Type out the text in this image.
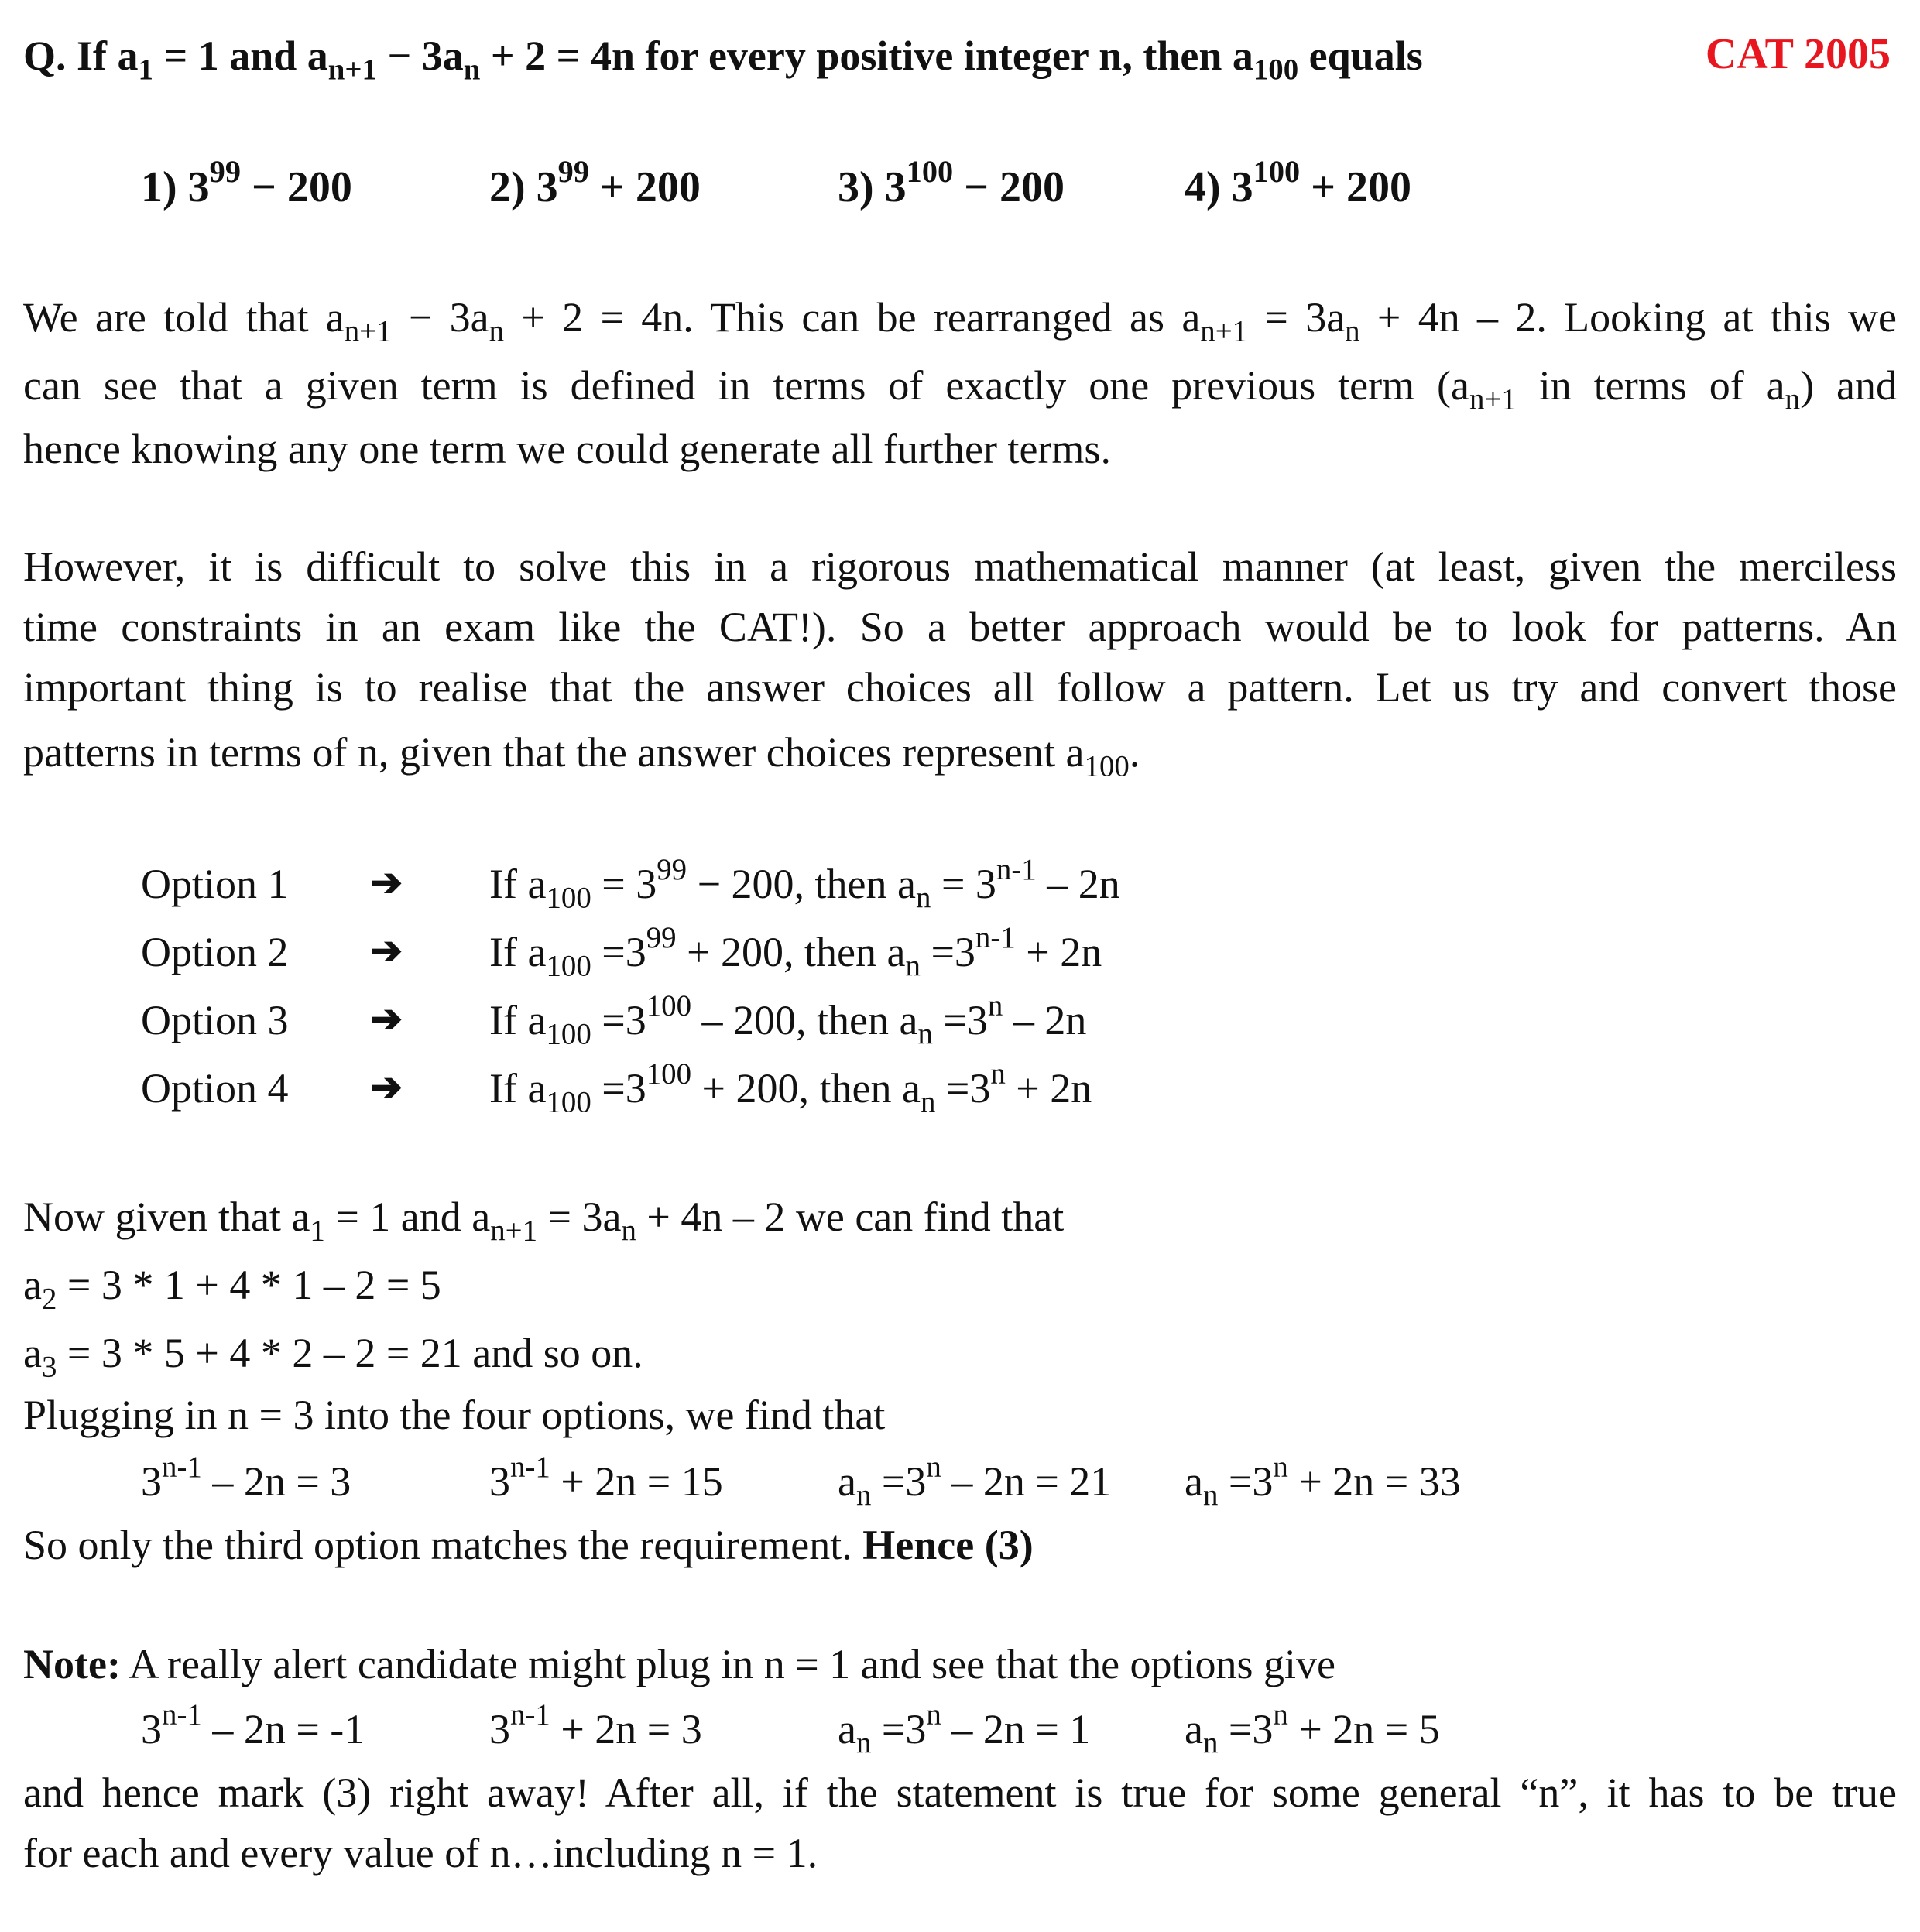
Q. If $a_1 = 1$ and $a_{n+1} - 3a_n + 2 = 4n$ for every positive integer n, then $a_{100}$ equals	CAT 2005
1) $3^{99} - 200$	2) $3^{99} + 200$	3) $3^{100} - 200$	4) $3^{100} + 200$
We are told that $a_{n+1} - 3a_n + 2 = 4n$. This can be rearranged as $a_{n+1} = 3a_n + 4n - 2$. Looking at this we
can see that a given term is defined in terms of exactly one previous term ($a_{n+1}$ in terms of $a_n$) and
hence knowing any one term we could generate all further terms.
However, it is difficult to solve this in a rigorous mathematical manner (at least, given the merciless
time constraints in an exam like the CAT!). So a better approach would be to look for patterns. An
important thing is to realise that the answer choices all follow a pattern. Let us try and convert those
patterns in terms of n, given that the answer choices represent $a_{100}$.
Option 1 ➔ If $a_{100} = 3^{99} - 200$, then $a_n = 3^{n-1} - 2n$
Option 2 ➔ If $a_{100} =3^{99} + 200$, then $a_n =3^{n-1} + 2n$
Option 3 ➔ If $a_{100} =3^{100} - 200$, then $a_n =3^n - 2n$
Option 4 ➔ If $a_{100} =3^{100} + 200$, then $a_n =3^n + 2n$
Now given that $a_1 = 1$ and $a_{n+1} = 3a_n + 4n - 2$ we can find that
$a_2 = 3 * 1 + 4 * 1 - 2 = 5$
$a_3 = 3 * 5 + 4 * 2 - 2 = 21$ and so on.
Plugging in n = 3 into the four options, we find that
3$^{n-1}$ – 2n = 3	$3^{n-1} + 2n = 15$	$a_n =3^n - 2n = 21$ $a_n =3^n + 2n = 33$
So only the third option matches the requirement. Hence (3)
Note: A really alert candidate might plug in n = 1 and see that the options give
3$^{n-1}$ – 2n = -1	$3^{n-1} + 2n = 3$	$a_n =3^n - 2n = 1$ $a_n =3^n + 2n = 5$
and hence mark (3) right away! After all, if the statement is true for some general “n”, it has to be true
for each and every value of n…including n = 1.
